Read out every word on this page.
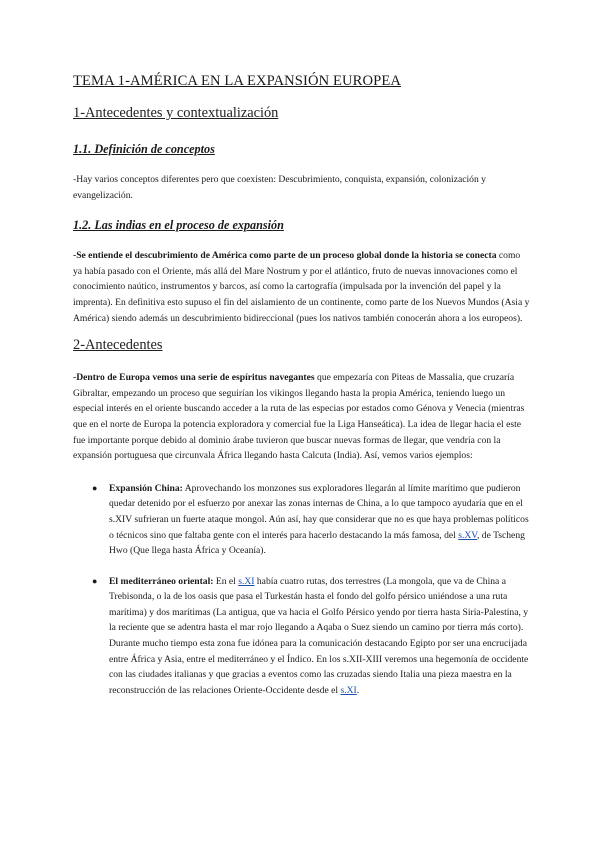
TEMA 1-AMÉRICA EN LA EXPANSIÓN EUROPEA
1-Antecedentes y contextualización
1.1. Definición de conceptos

-Hay varios conceptos diferentes pero que coexisten: Descubrimiento, conquista, expansión, colonización y evangelización.

1.2. Las indias en el proceso de expansión

-Se entiende el descubrimiento de América como parte de un proceso global donde la historia se conecta como ya había pasado con el Oriente, más allá del Mare Nostrum y por el atlántico, fruto de nuevas innovaciones como el conocimiento naútico, instrumentos y barcos, así como la cartografía (impulsada por la invención del papel y la imprenta). En definitiva esto supuso el fin del aislamiento de un continente, como parte de los Nuevos Mundos (Asia y América) siendo además un descubrimiento bidireccional (pues los nativos también conocerán ahora a los europeos).

2-Antecedentes

-Dentro de Europa vemos una serie de espíritus navegantes que empezaría con Piteas de Massalia, que cruzaría Gibraltar, empezando un proceso que seguirían los vikingos llegando hasta la propia América, teniendo luego un especial interés en el oriente buscando acceder a la ruta de las especias por estados como Génova y Venecia (mientras que en el norte de Europa la potencia exploradora y comercial fue la Liga Hanseática). La idea de llegar hacia el este fue importante porque debido al dominio árabe tuvieron que buscar nuevas formas de llegar, que vendría con la expansión portuguesa que circunvala África llegando hasta Calcuta (India). Así, vemos varios ejemplos:

● Expansión China: Aprovechando los monzones sus exploradores llegarán al límite marítimo que pudieron quedar detenido por el esfuerzo por anexar las zonas internas de China, a lo que tampoco ayudaría que en el s.XIV sufrieran un fuerte ataque mongol. Aún así, hay que considerar que no es que haya problemas políticos o técnicos sino que faltaba gente con el interés para hacerlo destacando la más famosa, del s.XV, de Tscheng Hwo (Que llega hasta África y Oceanía).
● El mediterráneo oriental: En el s.XI había cuatro rutas, dos terrestres (La mongola, que va de China a Trebisonda, o la de los oasis que pasa el Turkestán hasta el fondo del golfo pérsico uniéndose a una ruta marítima) y dos marítimas (La antigua, que va hacia el Golfo Pérsico yendo por tierra hasta Siria-Palestina, y la reciente que se adentra hasta el mar rojo llegando a Aqaba o Suez siendo un camino por tierra más corto). Durante mucho tiempo esta zona fue idónea para la comunicación destacando Egipto por ser una encrucijada entre África y Asia, entre el mediterráneo y el Índico. En los s.XII-XIII veremos una hegemonía de occidente con las ciudades italianas y que gracias a eventos como las cruzadas siendo Italia una pieza maestra en la reconstrucción de las relaciones Oriente-Occidente desde el s.XI.
